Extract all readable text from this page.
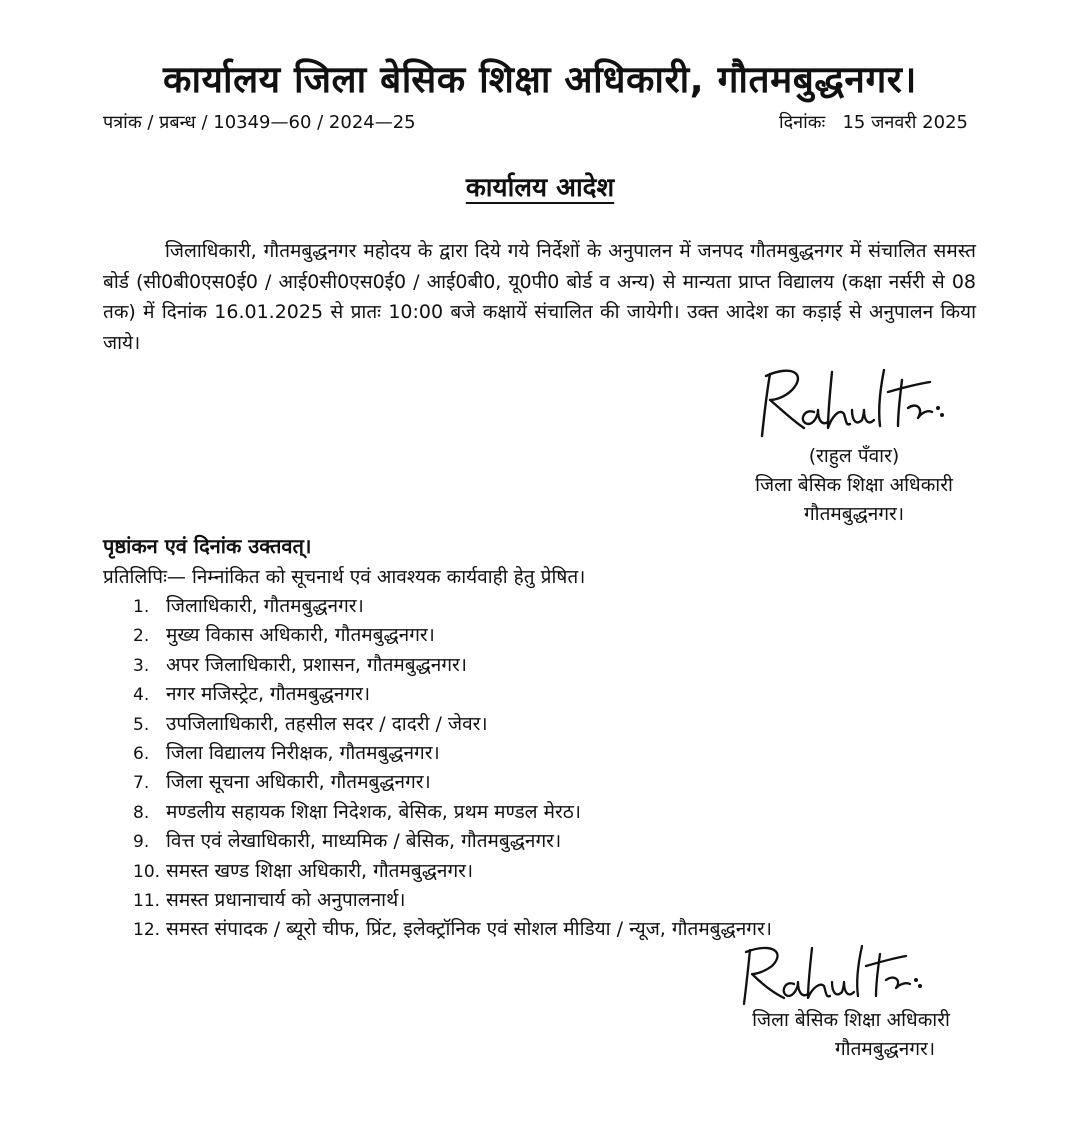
कार्यालय जिला बेसिक शिक्षा अधिकारी, गौतमबुद्धनगर।
पत्रांक / प्रबन्ध / 10349—60 / 2024—25	दिनांकः 15 जनवरी 2025
कार्यालय आदेश
जिलाधिकारी, गौतमबुद्धनगर महोदय के द्वारा दिये गये निर्देशों के अनुपालन में जनपद गौतमबुद्धनगर में संचालित समस्त बोर्ड (सी0बी0एस0ई0 / आई0सी0एस0ई0 / आई0बी0, यू0पी0 बोर्ड व अन्य) से मान्यता प्राप्त विद्यालय (कक्षा नर्सरी से 08 तक) में दिनांक 16.01.2025 से प्रातः 10:00 बजे कक्षायें संचालित की जायेगी। उक्त आदेश का कड़ाई से अनुपालन किया जाये।
Rahul Pr.
(राहुल पँवार)
जिला बेसिक शिक्षा अधिकारी
गौतमबुद्धनगर।
पृष्ठांकन एवं दिनांक उक्तवत्।
प्रतिलिपिः— निम्नांकित को सूचनार्थ एवं आवश्यक कार्यवाही हेतु प्रेषित।
1. जिलाधिकारी, गौतमबुद्धनगर।
2. मुख्य विकास अधिकारी, गौतमबुद्धनगर।
3. अपर जिलाधिकारी, प्रशासन, गौतमबुद्धनगर।
4. नगर मजिस्ट्रेट, गौतमबुद्धनगर।
5. उपजिलाधिकारी, तहसील सदर / दादरी / जेवर।
6. जिला विद्यालय निरीक्षक, गौतमबुद्धनगर।
7. जिला सूचना अधिकारी, गौतमबुद्धनगर।
8. मण्डलीय सहायक शिक्षा निदेशक, बेसिक, प्रथम मण्डल मेरठ।
9. वित्त एवं लेखाधिकारी, माध्यमिक / बेसिक, गौतमबुद्धनगर।
10. समस्त खण्ड शिक्षा अधिकारी, गौतमबुद्धनगर।
11. समस्त प्रधानाचार्य को अनुपालनार्थ।
12. समस्त संपादक / ब्यूरो चीफ, प्रिंट, इलेक्ट्रॉनिक एवं सोशल मीडिया / न्यूज, गौतमबुद्धनगर।
जिला बेसिक शिक्षा अधिकारी
गौतमबुद्धनगर।
